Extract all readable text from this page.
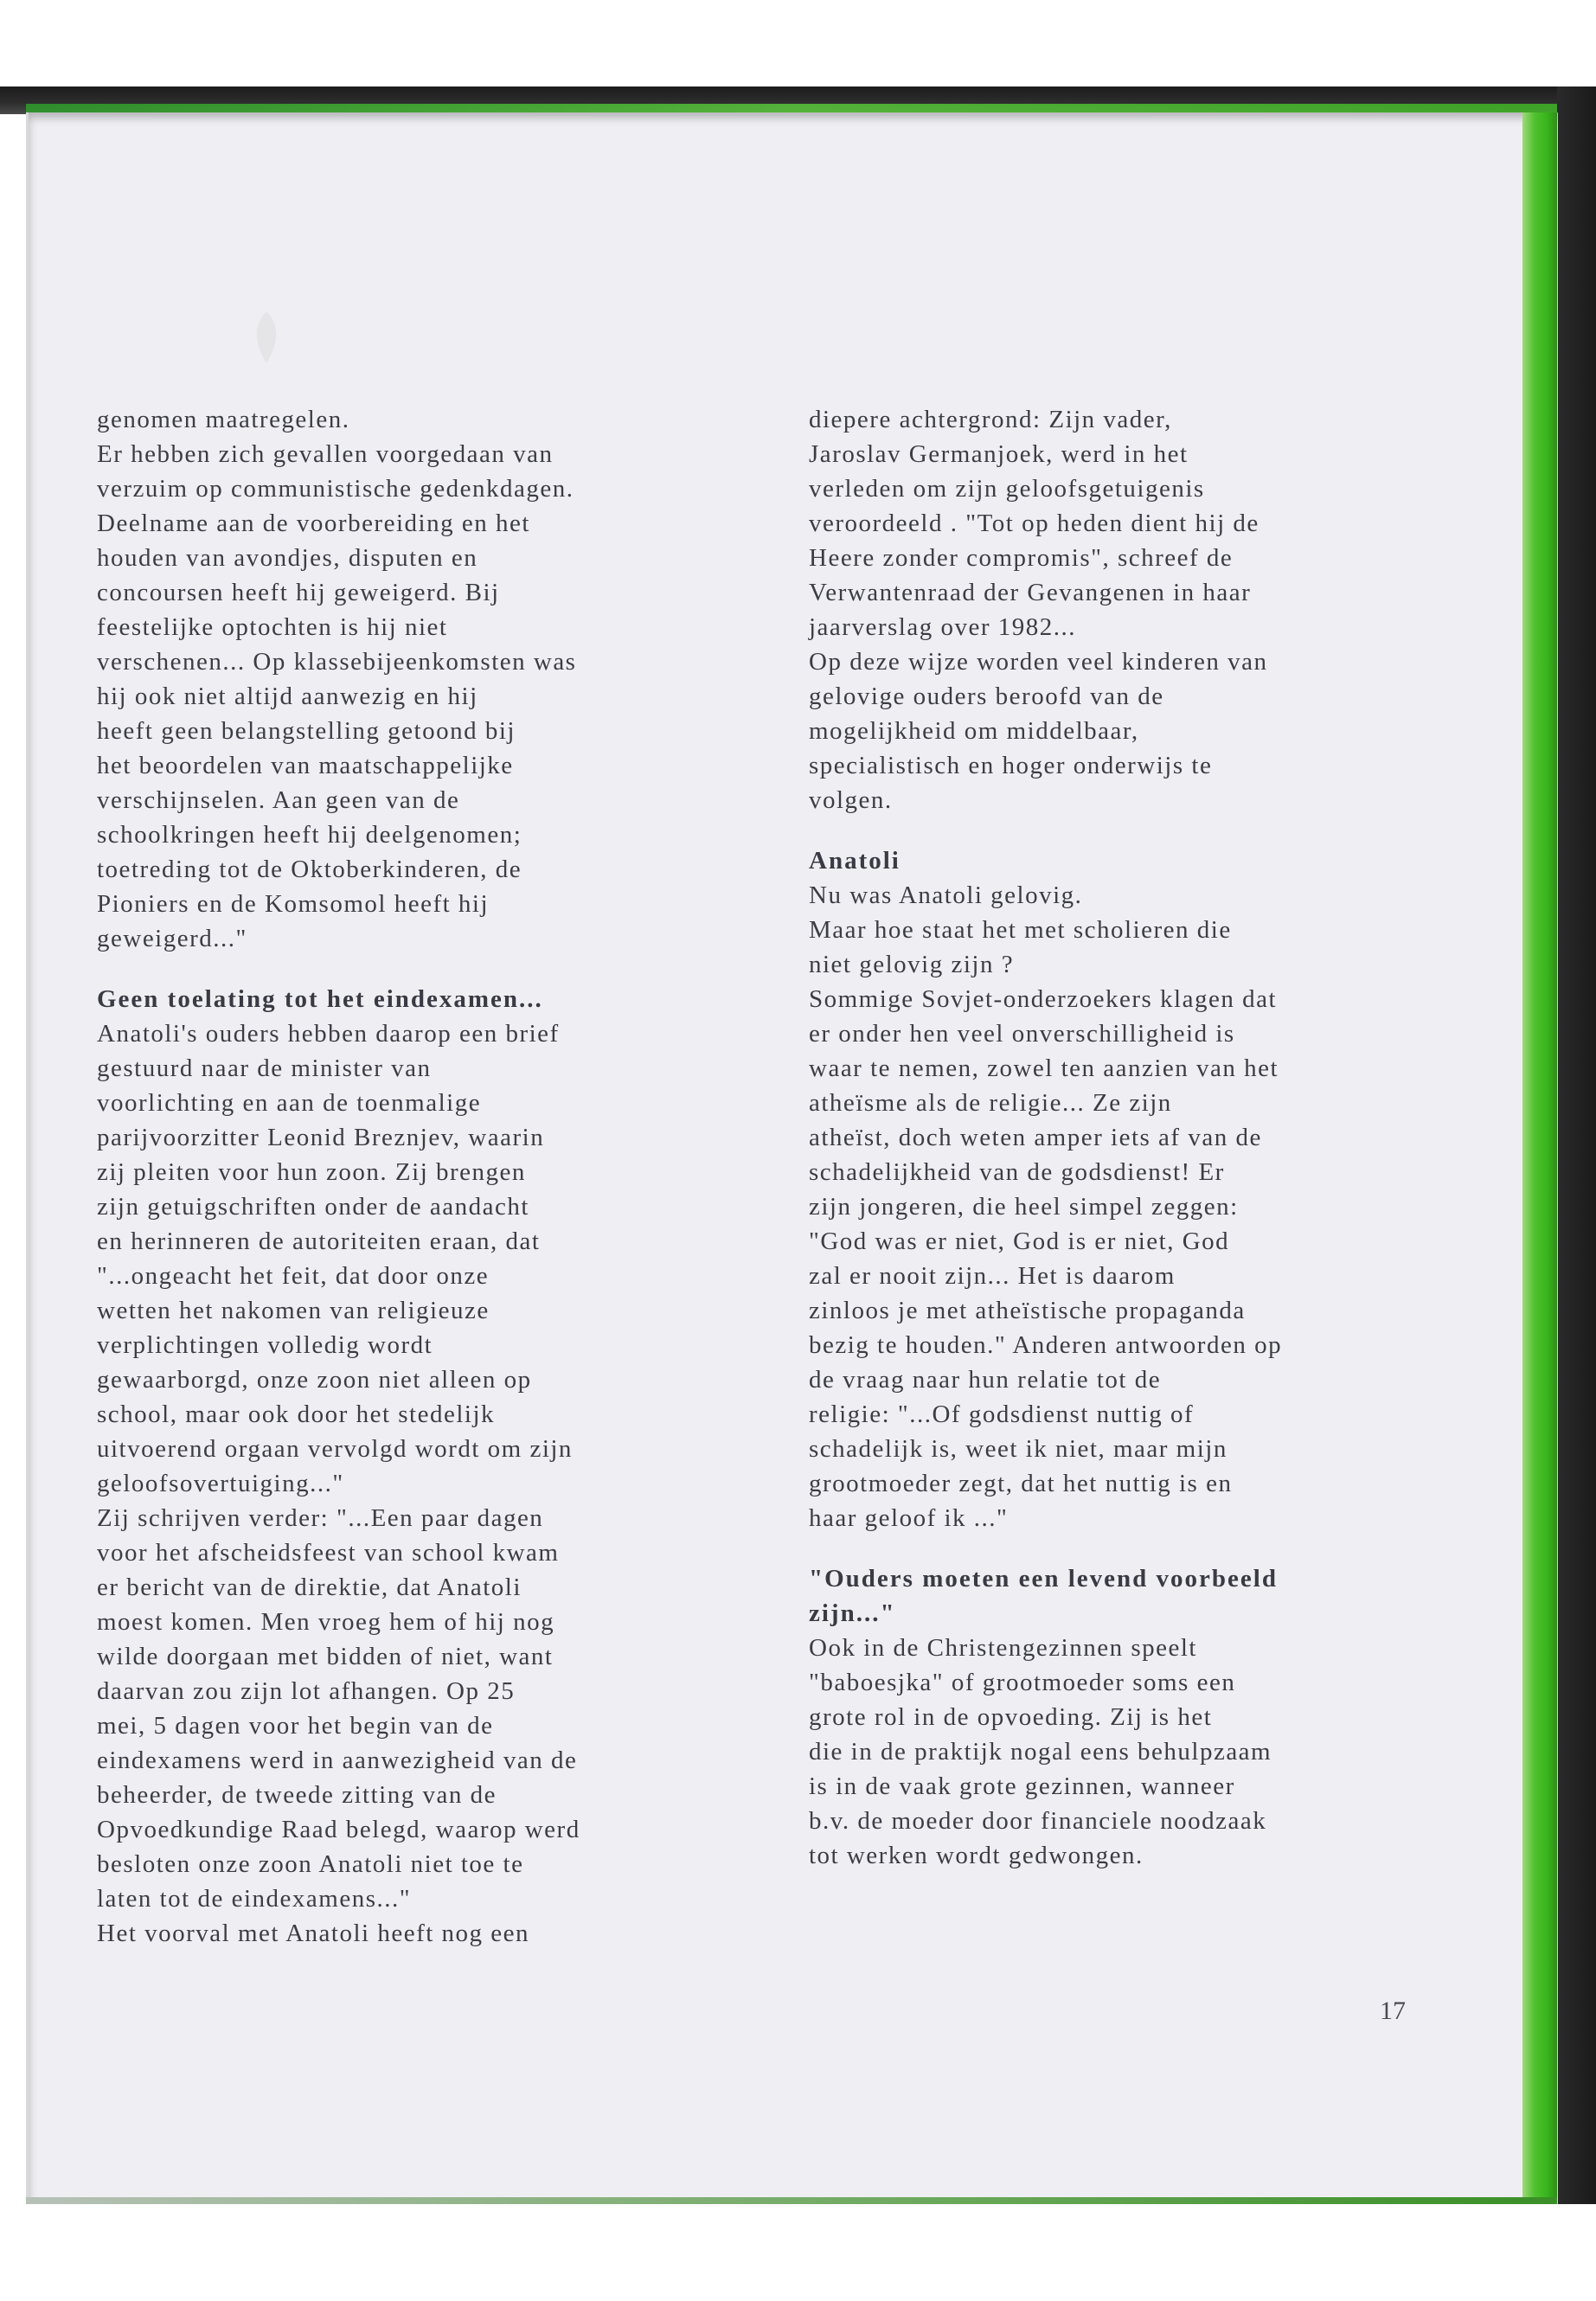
genomen maatregelen.
Er hebben zich gevallen voorgedaan van
verzuim op communistische gedenkdagen.
Deelname aan de voorbereiding en het
houden van avondjes, disputen en
concoursen heeft hij geweigerd. Bij
feestelijke optochten is hij niet
verschenen... Op klassebijeenkomsten was
hij ook niet altijd aanwezig en hij
heeft geen belangstelling getoond bij
het beoordelen van maatschappelijke
verschijnselen. Aan geen van de
schoolkringen heeft hij deelgenomen;
toetreding tot de Oktoberkinderen, de
Pioniers en de Komsomol heeft hij
geweigerd..."

Geen toelating tot het eindexamen...

Anatoli's ouders hebben daarop een brief
gestuurd naar de minister van
voorlichting en aan de toenmalige
parijvoorzitter Leonid Breznjev, waarin
zij pleiten voor hun zoon. Zij brengen
zijn getuigschriften onder de aandacht
en herinneren de autoriteiten eraan, dat
"...ongeacht het feit, dat door onze
wetten het nakomen van religieuze
verplichtingen volledig wordt
gewaarborgd, onze zoon niet alleen op
school, maar ook door het stedelijk
uitvoerend orgaan vervolgd wordt om zijn
geloofsovertuiging..."
Zij schrijven verder: "...Een paar dagen
voor het afscheidsfeest van school kwam
er bericht van de direktie, dat Anatoli
moest komen. Men vroeg hem of hij nog
wilde doorgaan met bidden of niet, want
daarvan zou zijn lot afhangen. Op 25
mei, 5 dagen voor het begin van de
eindexamens werd in aanwezigheid van de
beheerder, de tweede zitting van de
Opvoedkundige Raad belegd, waarop werd
besloten onze zoon Anatoli niet toe te
laten tot de eindexamens..."
Het voorval met Anatoli heeft nog een

diepere achtergrond: Zijn vader,
Jaroslav Germanjoek, werd in het
verleden om zijn geloofsgetuigenis
veroordeeld . "Tot op heden dient hij de
Heere zonder compromis", schreef de
Verwantenraad der Gevangenen in haar
jaarverslag over 1982...
Op deze wijze worden veel kinderen van
gelovige ouders beroofd van de
mogelijkheid om middelbaar,
specialistisch en hoger onderwijs te
volgen.

Anatoli

Nu was Anatoli gelovig.
Maar hoe staat het met scholieren die
niet gelovig zijn ?
Sommige Sovjet-onderzoekers klagen dat
er onder hen veel onverschilligheid is
waar te nemen, zowel ten aanzien van het
atheïsme als de religie... Ze zijn
atheïst, doch weten amper iets af van de
schadelijkheid van de godsdienst! Er
zijn jongeren, die heel simpel zeggen:
"God was er niet, God is er niet, God
zal er nooit zijn... Het is daarom
zinloos je met atheïstische propaganda
bezig te houden." Anderen antwoorden op
de vraag naar hun relatie tot de
religie: "...Of godsdienst nuttig of
schadelijk is, weet ik niet, maar mijn
grootmoeder zegt, dat het nuttig is en
haar geloof ik ..."

"Ouders moeten een levend voorbeeld
zijn..."

Ook in de Christengezinnen speelt
"baboesjka" of grootmoeder soms een
grote rol in de opvoeding. Zij is het
die in de praktijk nogal eens behulpzaam
is in de vaak grote gezinnen, wanneer
b.v. de moeder door financiele noodzaak
tot werken wordt gedwongen.

17
